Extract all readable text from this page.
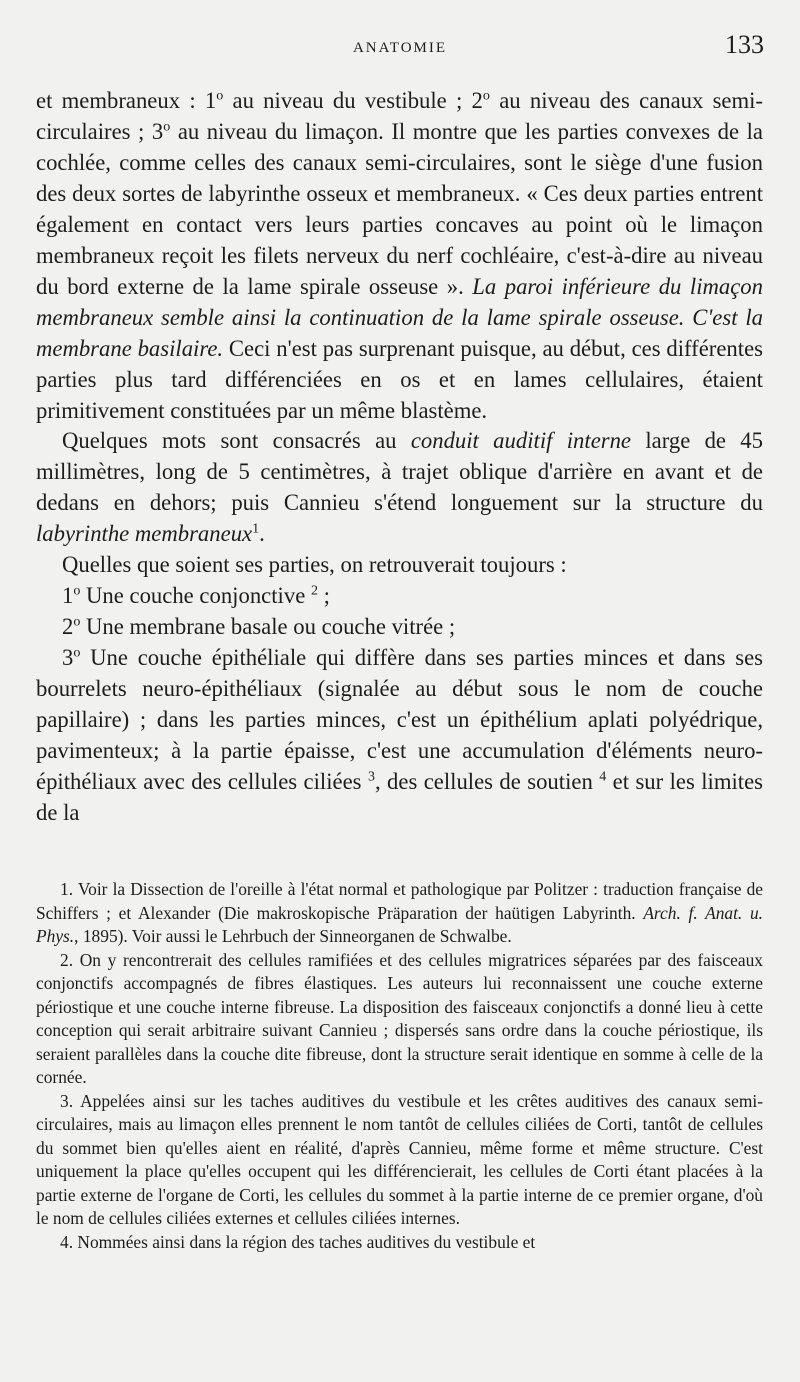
ANATOMIE	133

et membraneux : 1$^o$ au niveau du vestibule ; 2$^o$ au niveau des canaux semi-circulaires ; 3$^o$ au niveau du limaçon. Il montre que les parties convexes de la cochlée, comme celles des canaux semi-circulaires, sont le siège d'une fusion des deux sortes de labyrinthe osseux et membraneux. « Ces deux parties entrent également en contact vers leurs parties concaves au point où le limaçon membraneux reçoit les filets nerveux du nerf cochléaire, c'est-à-dire au niveau du bord externe de la lame spirale osseuse ». La paroi inférieure du limaçon membraneux semble ainsi la continuation de la lame spirale osseuse. C'est la membrane basilaire. Ceci n'est pas surprenant puisque, au début, ces différentes parties plus tard différenciées en os et en lames cellulaires, étaient primitivement constituées par un même blastème.

Quelques mots sont consacrés au conduit auditif interne large de 45 millimètres, long de 5 centimètres, à trajet oblique d'arrière en avant et de dedans en dehors; puis Cannieu s'étend longuement sur la structure du labyrinthe membraneux$^1$.

Quelles que soient ses parties, on retrouverait toujours :

1$^o$ Une couche conjonctive $^2$ ;

2$^o$ Une membrane basale ou couche vitrée ;

3$^o$ Une couche épithéliale qui diffère dans ses parties minces et dans ses bourrelets neuro-épithéliaux (signalée au début sous le nom de couche papillaire) ; dans les parties minces, c'est un épithélium aplati polyédrique, pavimenteux; à la partie épaisse, c'est une accumulation d'éléments neuro-épithéliaux avec des cellules ciliées $^3$, des cellules de soutien $^4$ et sur les limites de la

1. Voir la Dissection de l'oreille à l'état normal et pathologique par Politzer : traduction française de Schiffers ; et Alexander (Die makroskopische Präparation der haütigen Labyrinth. Arch. f. Anat. u. Phys., 1895). Voir aussi le Lehrbuch der Sinneorganen de Schwalbe.

2. On y rencontrerait des cellules ramifiées et des cellules migratrices séparées par des faisceaux conjonctifs accompagnés de fibres élastiques. Les auteurs lui reconnaissent une couche externe périostique et une couche interne fibreuse. La disposition des faisceaux conjonctifs a donné lieu à cette conception qui serait arbitraire suivant Cannieu ; dispersés sans ordre dans la couche périostique, ils seraient parallèles dans la couche dite fibreuse, dont la structure serait identique en somme à celle de la cornée.

3. Appelées ainsi sur les taches auditives du vestibule et les crêtes auditives des canaux semi-circulaires, mais au limaçon elles prennent le nom tantôt de cellules ciliées de Corti, tantôt de cellules du sommet bien qu'elles aient en réalité, d'après Cannieu, même forme et même structure. C'est uniquement la place qu'elles occupent qui les différencierait, les cellules de Corti étant placées à la partie externe de l'organe de Corti, les cellules du sommet à la partie interne de ce premier organe, d'où le nom de cellules ciliées externes et cellules ciliées internes.

4. Nommées ainsi dans la région des taches auditives du vestibule et
